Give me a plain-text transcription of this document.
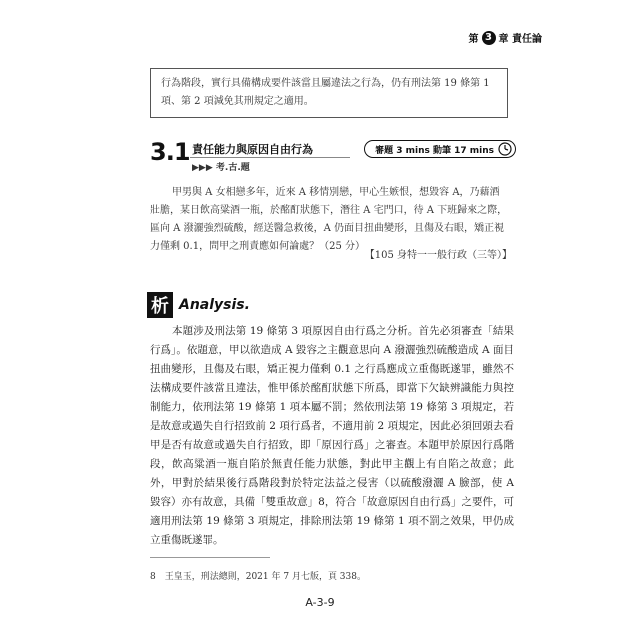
第 3 章 責任論
行為階段，實行具備構成要件該當且屬違法之行為，仍有刑法第 19 條第 1 項、第 2 項減免其刑規定之適用。
3.1 責任能力與原因自由行為
▶▶▶ 考.古.題
審題 3 mins 動筆 17 mins
甲男與 A 女相戀多年，近來 A 移情別戀，甲心生嫉恨，想毀容 A，乃藉酒壯膽，某日飲高粱酒一瓶，於酩酊狀態下，潛往 A 宅門口，待 A 下班歸來之際，區向 A 潑灑強烈硫酸，經送醫急救後，A 仍面目扭曲變形，且傷及右眼，矯正視力僅剩 0.1，問甲之刑責應如何論處？（25 分）
【105 身特一一般行政（三等）】
析 Analysis.

本題涉及刑法第 19 條第 3 項原因自由行爲之分析。首先必須審查「結果行爲」。依題意，甲以欲造成 A 毀容之主觀意思向 A 潑灑強烈硫酸造成 A 面目扭曲變形，且傷及右眼，矯正視力僅剩 0.1 之行爲應成立重傷既遂罪，雖然不法構成要件該當且違法，惟甲係於酩酊狀態下所爲，即當下欠缺辨識能力與控制能力，依刑法第 19 條第 1 項本屬不罰；然依刑法第 19 條第 3 項規定，若是故意或過失自行招致前 2 項行爲者，不適用前 2 項規定，因此必須回頭去看甲是否有故意或過失自行招致，即「原因行爲」之審查。本題甲於原因行爲階段，飲高粱酒一瓶自陷於無責任能力狀態，對此甲主觀上有自陷之故意；此外，甲對於結果後行爲階段對於特定法益之侵害（以硫酸潑灑 A 臉部，使 A 毀容）亦有故意，具備「雙重故意」8，符合「故意原因自由行爲」之要件，可適用刑法第 19 條第 3 項規定，排除刑法第 19 條第 1 項不罰之效果，甲仍成立重傷既遂罪。

8　王皇玉，刑法總則，2021 年 7 月七版，頁 338。
A-3-9
